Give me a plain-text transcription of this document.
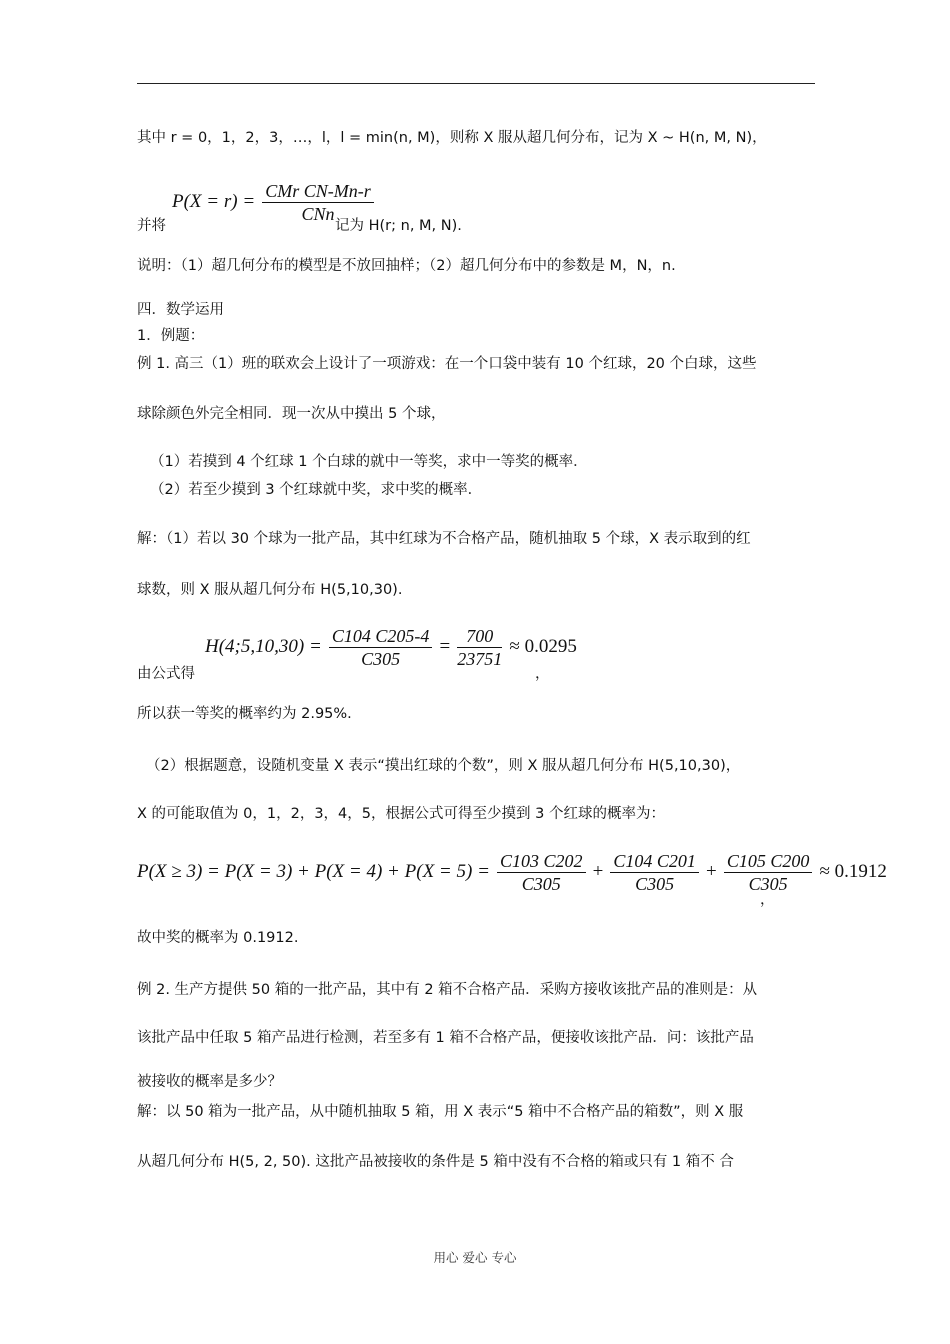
其中 r = 0，1，2，3，…，l，l = min(n, M)，则称 X 服从超几何分布，记为 X ~ H(n, M, N)，
并将
$P(X = r) = \frac{\text{CMr CN-Mn-r}}{\text{CNn}}$
记为 H(r; n, M, N).
说明：（1）超几何分布的模型是不放回抽样；（2）超几何分布中的参数是 M，N，n.
四．数学运用
1．例题：
例 1. 高三（1）班的联欢会上设计了一项游戏：在一个口袋中装有 10 个红球，20 个白球，这些
球除颜色外完全相同．现一次从中摸出 5 个球，
（1）若摸到 4 个红球 1 个白球的就中一等奖，求中一等奖的概率．
（2）若至少摸到 3 个红球就中奖，求中奖的概率．
解：（1）若以 30 个球为一批产品，其中红球为不合格产品，随机抽取 5 个球，X 表示取到的红
球数，则 X 服从超几何分布 H(5,10,30).
由公式得
H(4;5,10,30) = $\frac{C104 C205-4}{C305} = \frac{700}{23751} \approx 0.0295$
，
所以获一等奖的概率约为 2.95%.
（2）根据题意，设随机变量 X 表示“摸出红球的个数”，则 X 服从超几何分布 H(5,10,30)，
X 的可能取值为 0，1，2，3，4，5，根据公式可得至少摸到 3 个红球的概率为：
$P(X \ge 3) = P(X = 3) + P(X = 4) + P(X = 5) = \frac{C103 C202}{C305} + \frac{C104 C201}{C305} + \frac{C105 C200}{C305} \approx 0.1912$
，
故中奖的概率为 0.1912.
例 2. 生产方提供 50 箱的一批产品，其中有 2 箱不合格产品．采购方接收该批产品的准则是：从
该批产品中任取 5 箱产品进行检测，若至多有 1 箱不合格产品，便接收该批产品．问：该批产品
被接收的概率是多少？
解：以 50 箱为一批产品，从中随机抽取 5 箱，用 X 表示“5 箱中不合格产品的箱数”，则 X 服
从超几何分布 H(5, 2, 50). 这批产品被接收的条件是 5 箱中没有不合格的箱或只有 1 箱不 合
用心 爱心 专心
